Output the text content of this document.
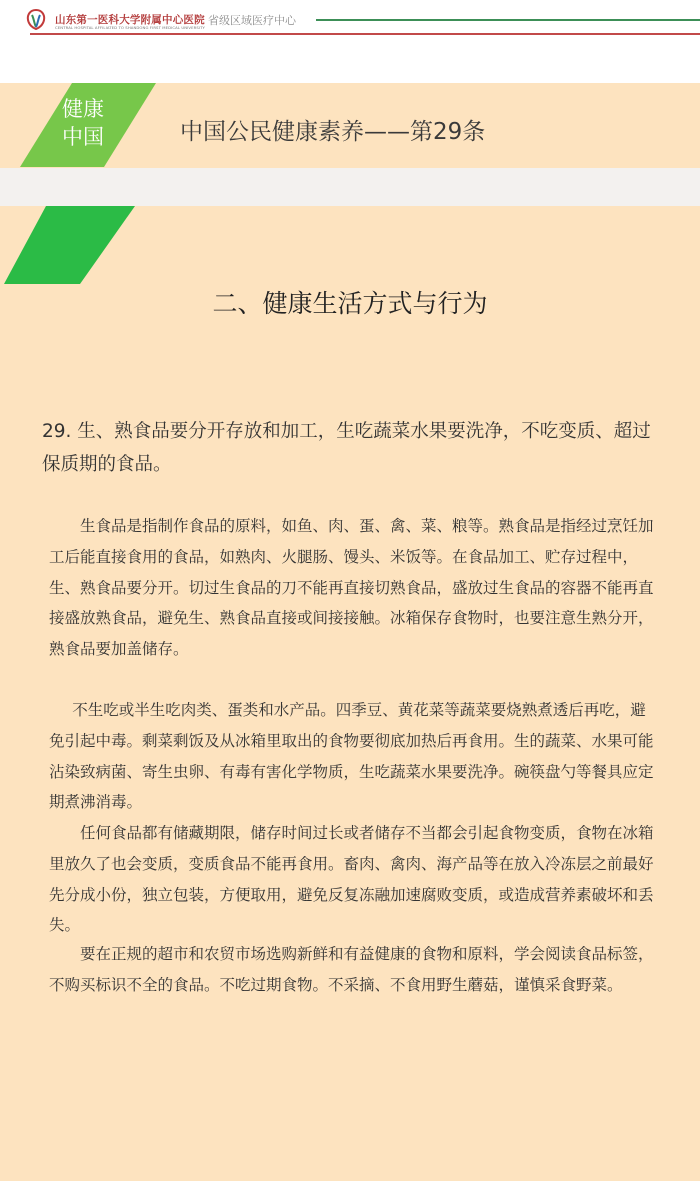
山东第一医科大学附属中心医院
CENTRAL HOSPITAL AFFILIATED TO SHANDONG FIRST MEDICAL UNIVERSITY
省级区域医疗中心
健康
中国	中国公民健康素养——第29条
二、健康生活方式与行为

29. 生、熟食品要分开存放和加工，生吃蔬菜水果要洗净，不吃变质、超过保质期的食品。

生食品是指制作食品的原料，如鱼、肉、蛋、禽、菜、粮等。熟食品是指经过烹饪加工后能直接食用的食品，如熟肉、火腿肠、馒头、米饭等。在食品加工、贮存过程中，生、熟食品要分开。切过生食品的刀不能再直接切熟食品，盛放过生食品的容器不能再直接盛放熟食品，避免生、熟食品直接或间接接触。冰箱保存食物时，也要注意生熟分开，熟食品要加盖储存。

不生吃或半生吃肉类、蛋类和水产品。四季豆、黄花菜等蔬菜要烧熟煮透后再吃，避免引起中毒。剩菜剩饭及从冰箱里取出的食物要彻底加热后再食用。生的蔬菜、水果可能沾染致病菌、寄生虫卵、有毒有害化学物质，生吃蔬菜水果要洗净。碗筷盘勺等餐具应定期煮沸消毒。

任何食品都有储藏期限，储存时间过长或者储存不当都会引起食物变质，食物在冰箱里放久了也会变质，变质食品不能再食用。畜肉、禽肉、海产品等在放入冷冻层之前最好先分成小份，独立包装，方便取用，避免反复冻融加速腐败变质，或造成营养素破坏和丢失。

要在正规的超市和农贸市场选购新鲜和有益健康的食物和原料，学会阅读食品标签，不购买标识不全的食品。不吃过期食物。不采摘、不食用野生蘑菇，谨慎采食野菜。
